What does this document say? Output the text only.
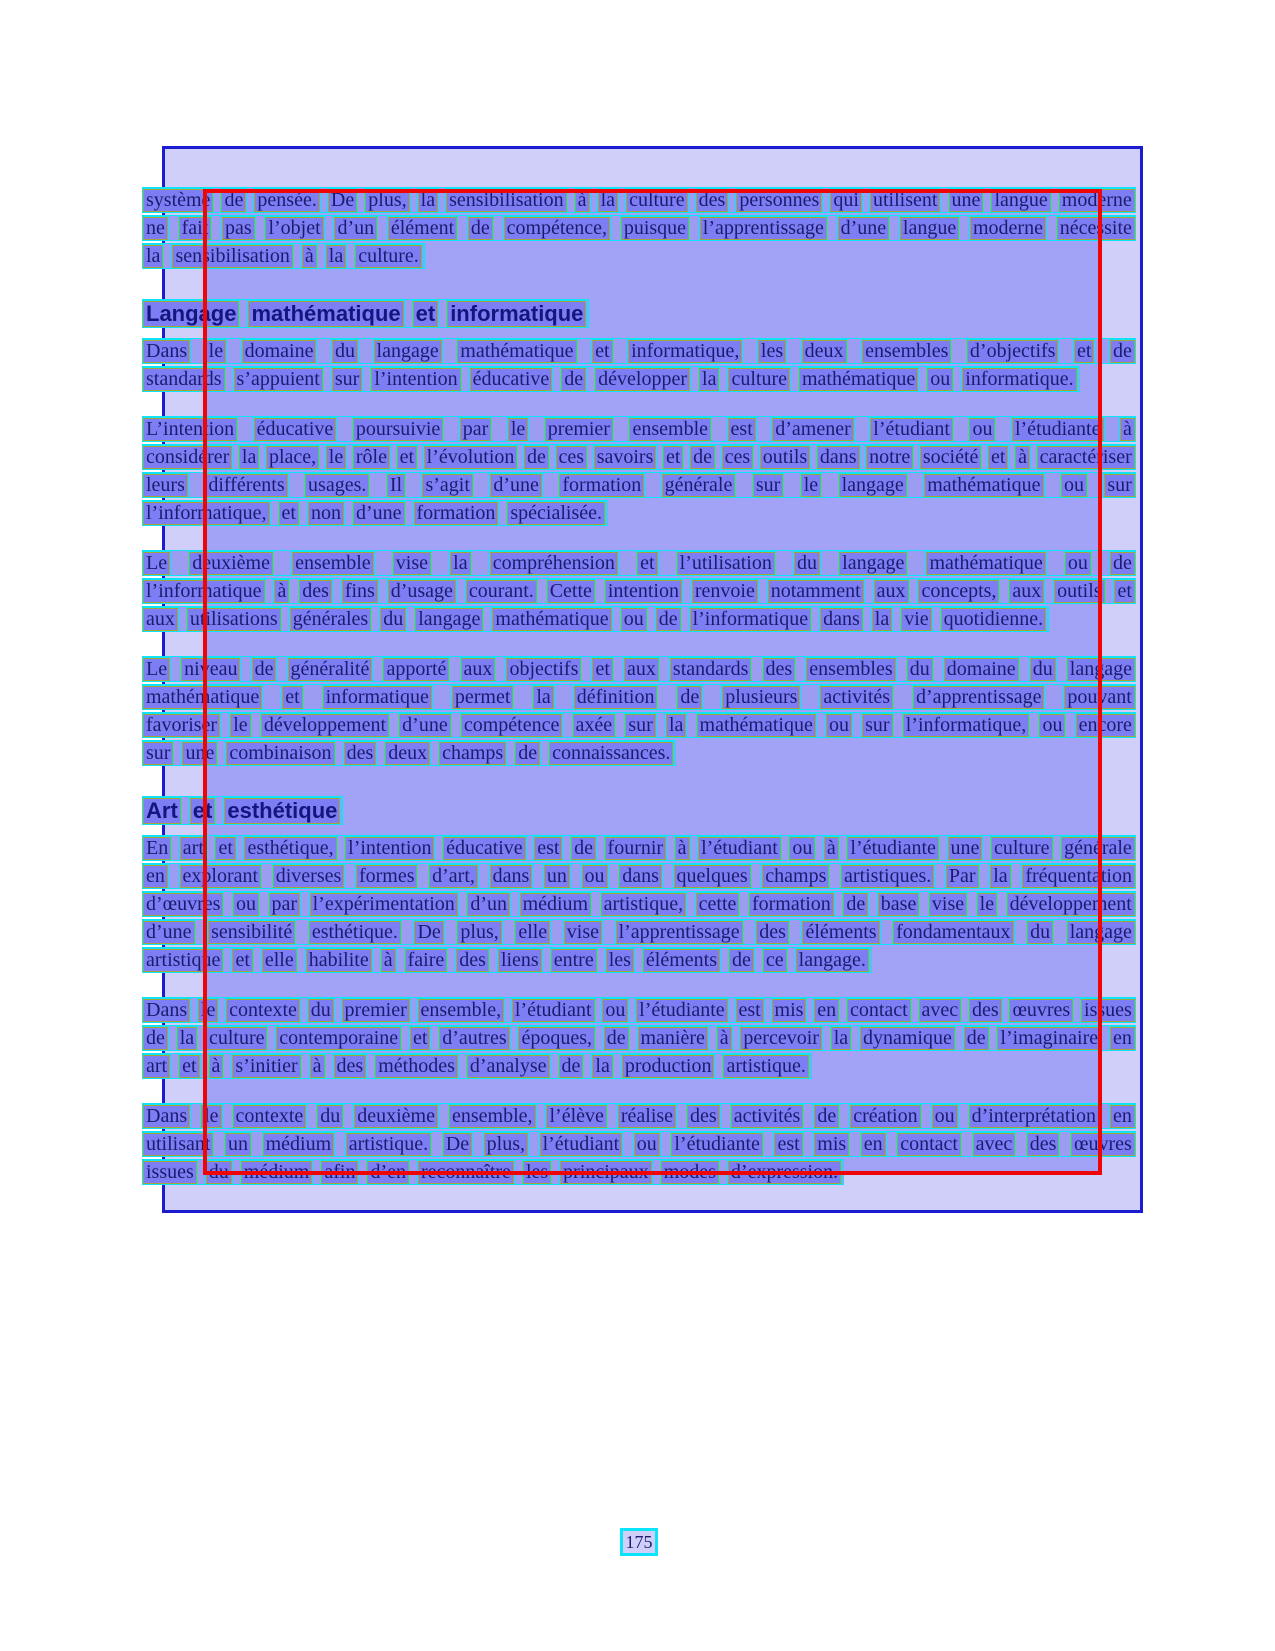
système de pensée. De plus, la sensibilisation à la culture des personnes qui utilisent une langue moderne
ne fait pas l’objet d’un élément de compétence, puisque l’apprentissage d’une langue moderne nécessite
la sensibilisation à la culture.
Langage mathématique et informatique
Dans le domaine du langage mathématique et informatique, les deux ensembles d’objectifs et de
standards s’appuient sur l’intention éducative de développer la culture mathématique ou informatique.
L’intention éducative poursuivie par le premier ensemble est d’amener l’étudiant ou l’étudiante à
considérer la place, le rôle et l’évolution de ces savoirs et de ces outils dans notre société et à caractériser
leurs différents usages. Il s’agit d’une formation générale sur le langage mathématique ou sur
l’informatique, et non d’une formation spécialisée.
Le deuxième ensemble vise la compréhension et l’utilisation du langage mathématique ou de
l’informatique à des fins d’usage courant. Cette intention renvoie notamment aux concepts, aux outils et
aux utilisations générales du langage mathématique ou de l’informatique dans la vie quotidienne.
Le niveau de généralité apporté aux objectifs et aux standards des ensembles du domaine du langage
mathématique et informatique permet la définition de plusieurs activités d’apprentissage pouvant
favoriser le développement d’une compétence axée sur la mathématique ou sur l’informatique, ou encore
sur une combinaison des deux champs de connaissances.
Art et esthétique
En art et esthétique, l’intention éducative est de fournir à l’étudiant ou à l’étudiante une culture générale
en explorant diverses formes d’art, dans un ou dans quelques champs artistiques. Par la fréquentation
d’œuvres ou par l’expérimentation d’un médium artistique, cette formation de base vise le développement
d’une sensibilité esthétique. De plus, elle vise l’apprentissage des éléments fondamentaux du langage
artistique et elle habilite à faire des liens entre les éléments de ce langage.
Dans le contexte du premier ensemble, l’étudiant ou l’étudiante est mis en contact avec des œuvres issues
de la culture contemporaine et d’autres époques, de manière à percevoir la dynamique de l’imaginaire en
art et à s’initier à des méthodes d’analyse de la production artistique.
Dans le contexte du deuxième ensemble, l’élève réalise des activités de création ou d’interprétation en
utilisant un médium artistique. De plus, l’étudiant ou l’étudiante est mis en contact avec des œuvres
issues du médium afin d’en reconnaître les principaux modes d’expression.
175
